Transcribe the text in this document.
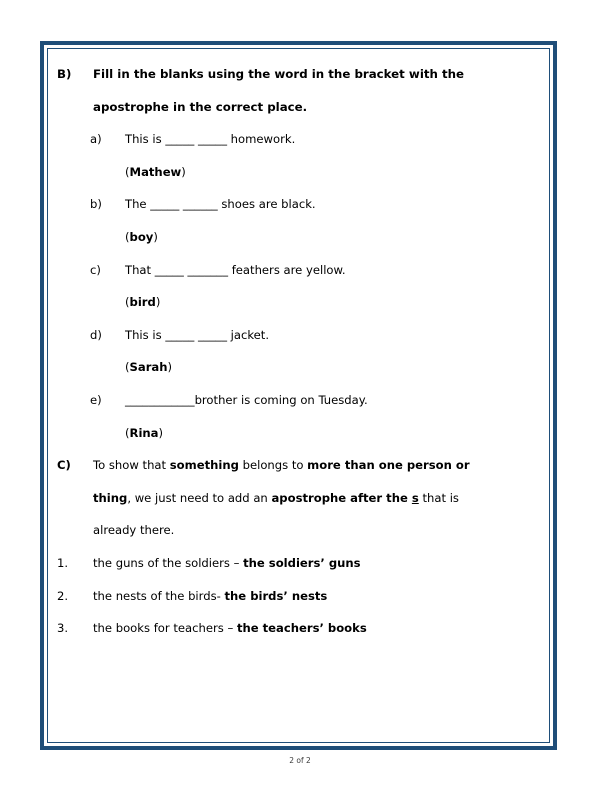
B)	Fill in the blanks using the word in the bracket with the apostrophe in the correct place.
a)	This is _____ _____ homework.
(Mathew)
b)	The _____ ______ shoes are black.
(boy)
c)	That _____ _______ feathers are yellow.
(bird)
d)	This is _____ _____ jacket.
(Sarah)
e)	____________brother is coming on Tuesday.
(Rina)
C)	To show that something belongs to more than one person or thing, we just need to add an apostrophe after the s that is already there.
1.	the guns of the soldiers – the soldiers’ guns
2.	the nests of the birds- the birds’ nests
3.	the books for teachers – the teachers’ books
2 of 2
